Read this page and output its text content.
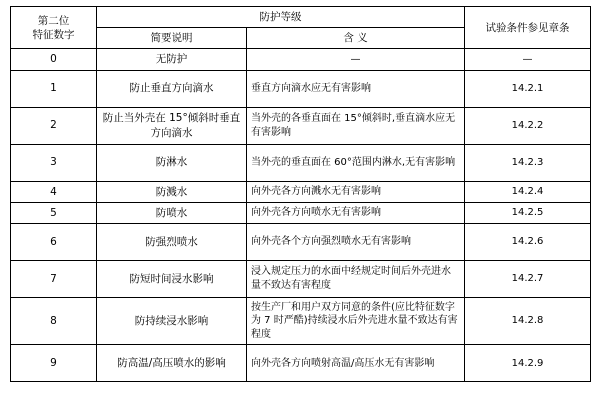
第二位
特征数字	防护等级		试验条件参见章条
	简要说明	含 义	
0	无防护	—	—
1	防止垂直方向滴水	垂直方向滴水应无有害影响	14.2.1
2	防止当外壳在 15°倾斜时垂直方向滴水	当外壳的各垂直面在 15°倾斜时,垂直滴水应无有害影响	14.2.2
3	防淋水	当外壳的垂直面在 60°范围内淋水,无有害影响	14.2.3
4	防溅水	向外壳各方向溅水无有害影响	14.2.4
5	防喷水	向外壳各方向喷水无有害影响	14.2.5
6	防强烈喷水	向外壳各个方向强烈喷水无有害影响	14.2.6
7	防短时间浸水影响	浸入规定压力的水面中经规定时间后外壳进水量不致达有害程度	14.2.7
8	防持续浸水影响	按生产厂和用户双方同意的条件(应比特征数字为 7 时严酷)持续浸水后外壳进水量不致达有害程度	14.2.8
9	防高温/高压喷水的影响	向外壳各方向喷射高温/高压水无有害影响	14.2.9
